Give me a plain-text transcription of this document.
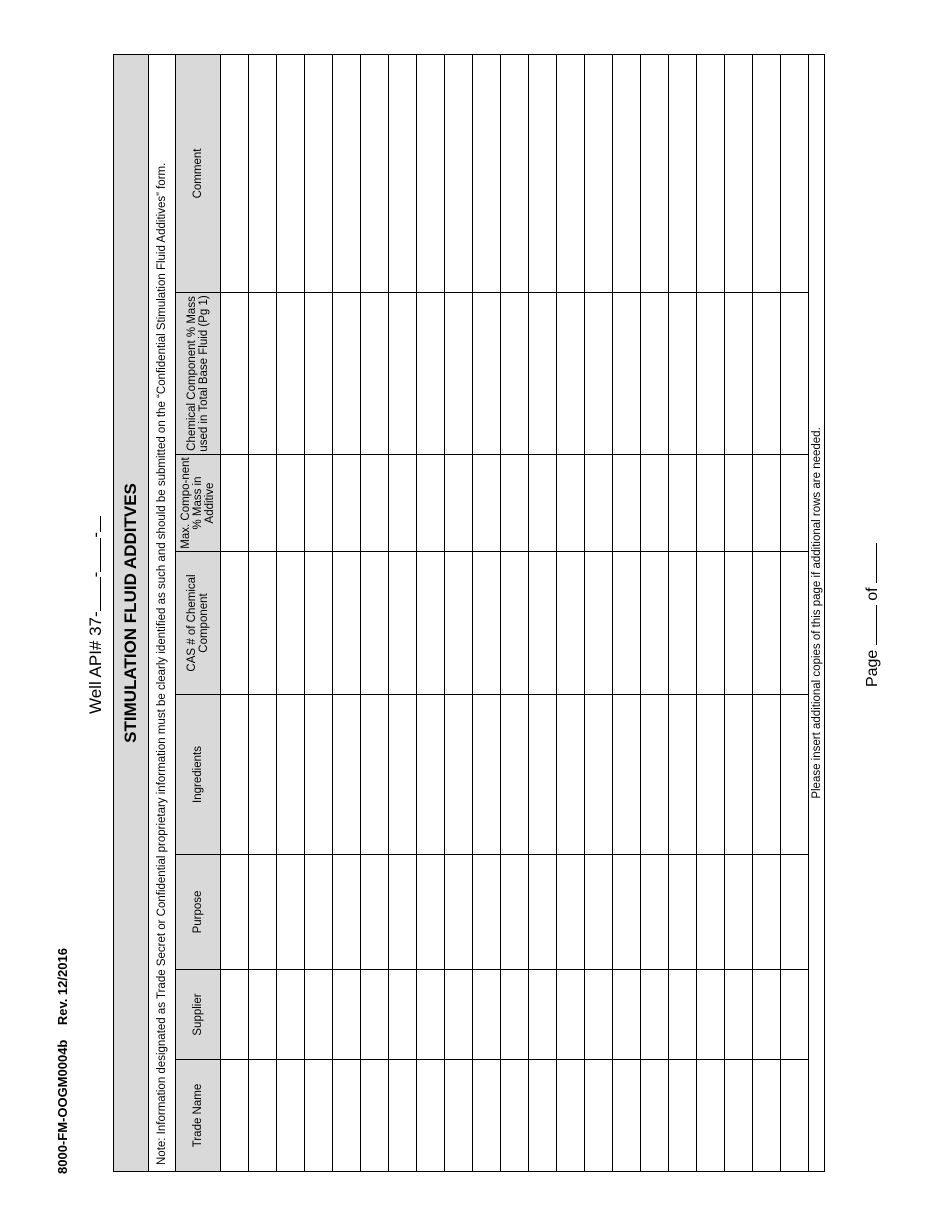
8000-FM-OOGM0004b    Rev. 12/2016
Well API# 37--- STIMULATION FLUID ADDITVES							
Note: Information designated as Trade Secret or Confidential proprietary information must be clearly identified as such and should be submitted on the “Confidential Stimulation Fluid Additives” form.							
Trade Name	Supplier	Purpose	Ingredients	CAS # of Chemical Component	Max. Compo-nent % Mass in Additive	Chemical Component % Mass used in Total Base Fluid (Pg 1)	Comment

Please insert additional copies of this page if additional rows are needed.								Page  of
